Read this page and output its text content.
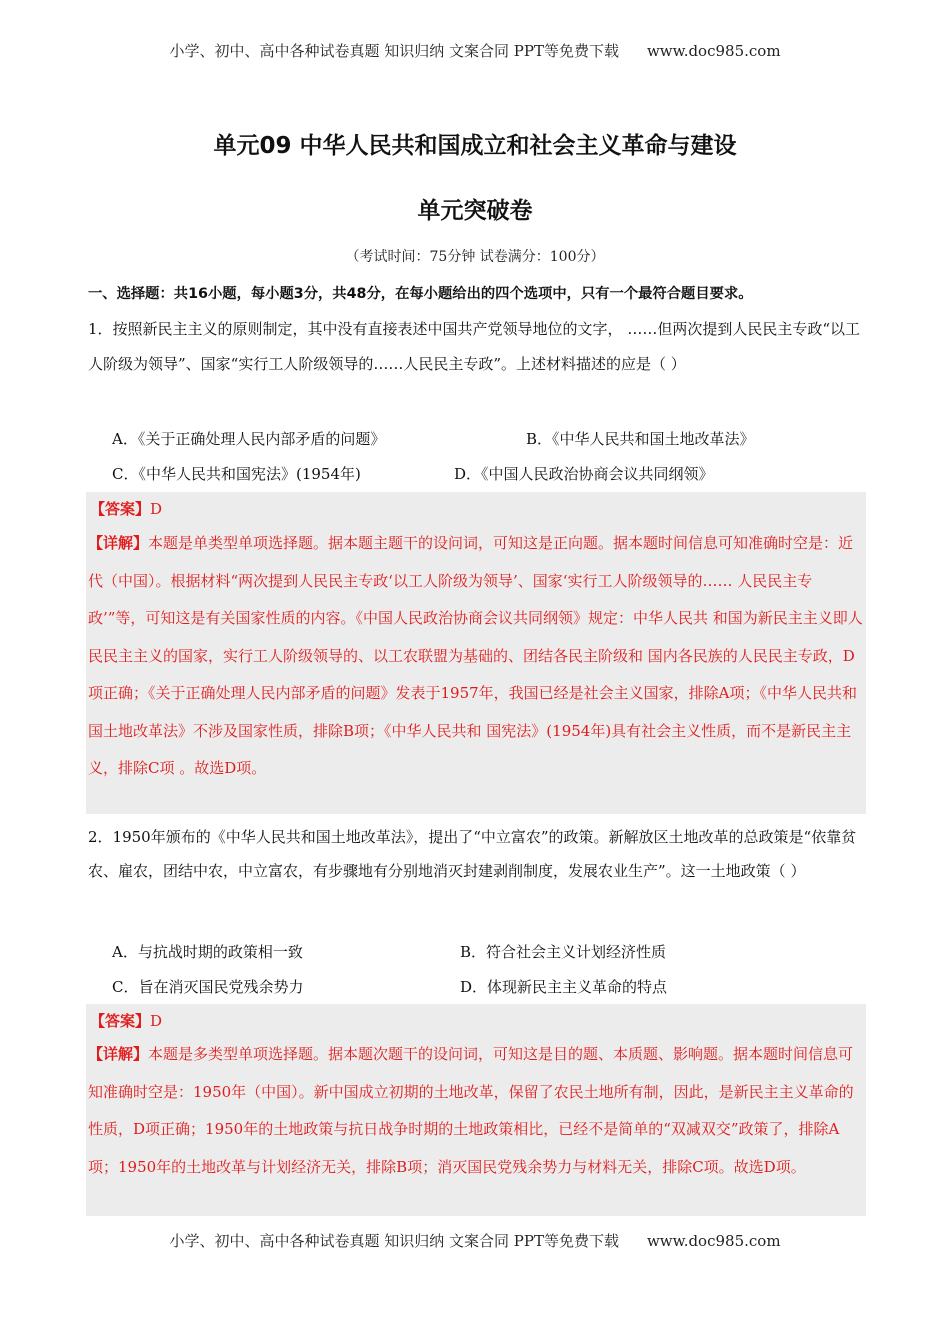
小学、初中、高中各种试卷真题 知识归纳 文案合同 PPT等免费下载 www.doc985.com
单元09 中华人民共和国成立和社会主义革命与建设
单元突破卷
（考试时间：75分钟 试卷满分：100分）
一、选择题：共16小题，每小题3分，共48分，在每小题给出的四个选项中，只有一个最符合题目要求。
1．按照新民主主义的原则制定，其中没有直接表述中国共产党领导地位的文字， ……但两次提到人民民主专政“以工人阶级为领导”、国家“实行工人阶级领导的……人民民主专政”。上述材料描述的应是（ ）
A．《关于正确处理人民内部矛盾的问题》	B．《中华人民共和国土地改革法》
C．《中华人民共和国宪法》(1954年)	D．《中国人民政治协商会议共同纲领》
【答案】D
【详解】本题是单类型单项选择题。据本题主题干的设问词，可知这是正向题。据本题时间信息可知准确时空是：近代（中国）。根据材料“两次提到人民民主专政‘以工人阶级为领导’、国家‘实行工人阶级领导的…… 人民民主专政’”等，可知这是有关国家性质的内容。《中国人民政治协商会议共同纲领》规定：中华人民共 和国为新民主主义即人民民主主义的国家，实行工人阶级领导的、以工农联盟为基础的、团结各民主阶级和 国内各民族的人民民主专政，D项正确；《关于正确处理人民内部矛盾的问题》发表于1957年，我国已经是社会主义国家，排除A项；《中华人民共和国土地改革法》不涉及国家性质，排除B项；《中华人民共和 国宪法》(1954年)具有社会主义性质，而不是新民主主义，排除C项 。故选D项。
2．1950年颁布的《中华人民共和国土地改革法》，提出了“中立富农”的政策。新解放区土地改革的总政策是“依靠贫农、雇农，团结中农，中立富农，有步骤地有分别地消灭封建剥削制度，发展农业生产”。这一土地政策（ ）
A．与抗战时期的政策相一致	B．符合社会主义计划经济性质
C．旨在消灭国民党残余势力	D．体现新民主主义革命的特点
【答案】D
【详解】本题是多类型单项选择题。据本题次题干的设问词，可知这是目的题、本质题、影响题。据本题时间信息可知准确时空是：1950年（中国）。新中国成立初期的土地改革，保留了农民土地所有制，因此，是新民主主义革命的性质，D项正确；1950年的土地政策与抗日战争时期的土地政策相比，已经不是简单的“双减双交”政策了，排除A项；1950年的土地改革与计划经济无关，排除B项；消灭国民党残余势力与材料无关，排除C项。故选D项。
小学、初中、高中各种试卷真题 知识归纳 文案合同 PPT等免费下载 www.doc985.com
